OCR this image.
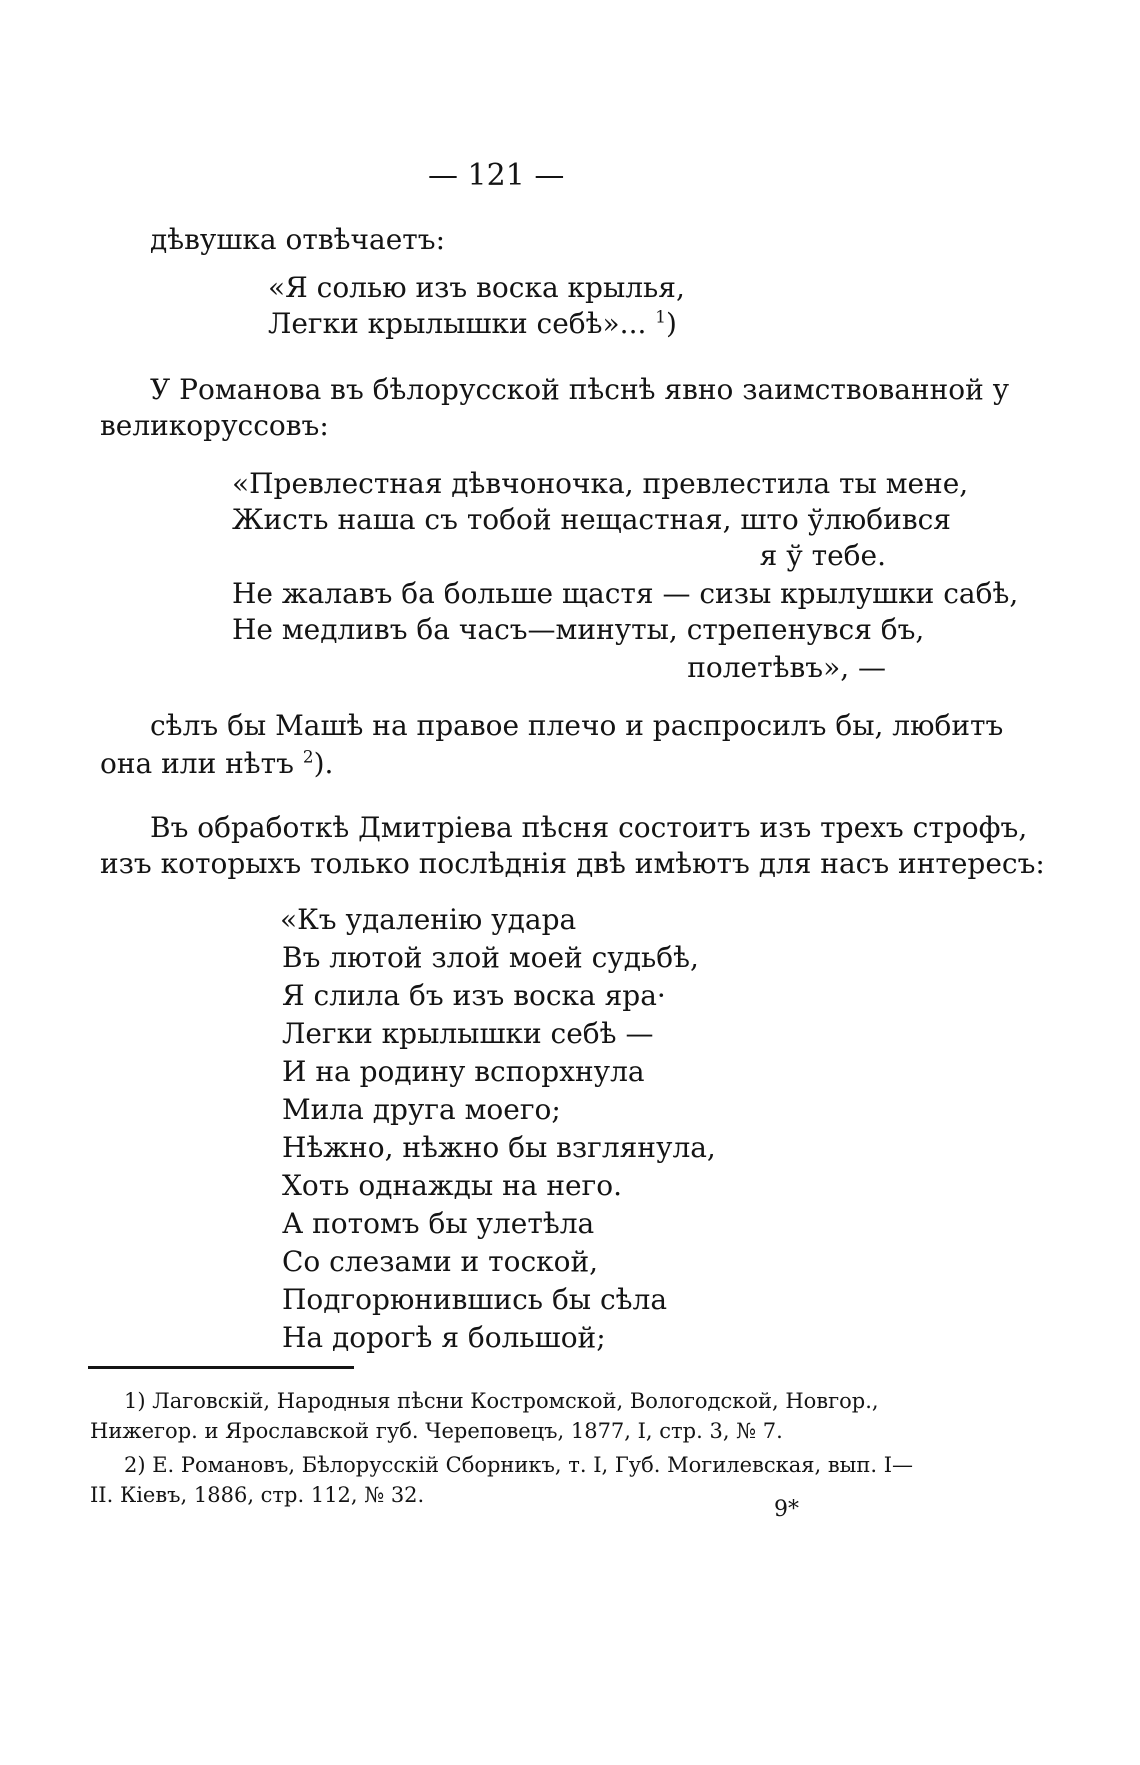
— 121 —

дѣвушка отвѣчаетъ:

«Я солью изъ воска крылья,

Легки крылышки себѣ»... $^1$)

У Романова въ бѣлорусской пѣснѣ явно заимствованной у

великоруссовъ:

«Превлестная дѣвчоночка, превлестила ты мене,

Жисть наша съ тобой нещастная, што ўлюбився

я ў тебе.

Не жалавъ ба больше щастя — сизы крылушки сабѣ,

Не медливъ ба часъ—минуты, стрепенувся бъ,

полетѣвъ», —

сѣлъ бы Машѣ на правое плечо и распросилъ бы, любитъ

она или нѣтъ $^2$).

Въ обработкѣ Дмитріева пѣсня состоитъ изъ трехъ строфъ,

изъ которыхъ только послѣднія двѣ имѣютъ для насъ интересъ:

«Къ удаленію удара

Въ лютой злой моей судьбѣ,

Я слила бъ изъ воска яра·

Легки крылышки себѣ —

И на родину вспорхнула

Мила друга моего;

Нѣжно, нѣжно бы взглянула,

Хоть однажды на него.

А потомъ бы улетѣла

Со слезами и тоской,

Подгорюнившись бы сѣла

На дорогѣ я большой;

1) Лаговскій, Народныя пѣсни Костромской, Вологодской, Новгор.,

Нижегор. и Ярославской губ. Череповецъ, 1877, I, стр. 3, № 7.

2) Е. Романовъ, Бѣлорусскій Сборникъ, т. I, Губ. Могилевская, вып. I—

II. Кіевъ, 1886, стр. 112, № 32.

9*
